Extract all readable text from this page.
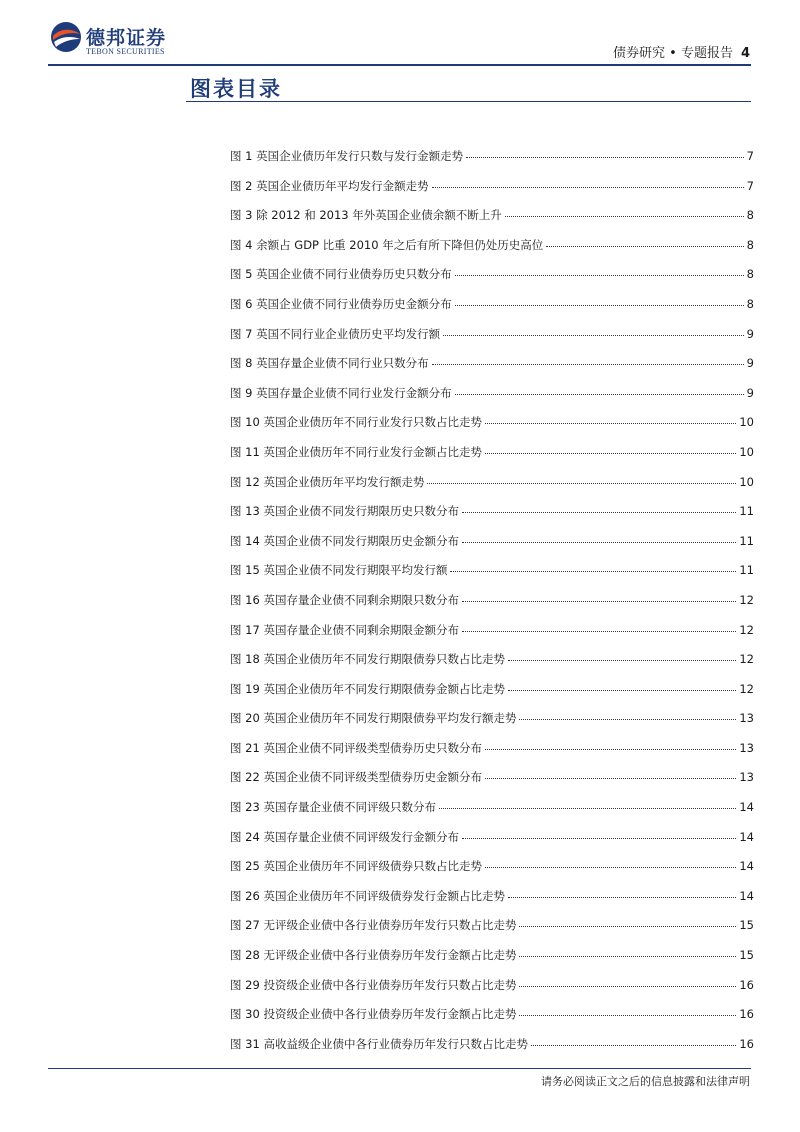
德邦证券
TEBON SECURITIES	债券研究 • 专题报告 4
图表目录
图 1 英国企业债历年发行只数与发行金额走势	7
图 2 英国企业债历年平均发行金额走势	7
图 3 除 2012 和 2013 年外英国企业债余额不断上升	8
图 4 余额占 GDP 比重 2010 年之后有所下降但仍处历史高位	8
图 5 英国企业债不同行业债券历史只数分布	8
图 6 英国企业债不同行业债券历史金额分布	8
图 7 英国不同行业企业债历史平均发行额	9
图 8 英国存量企业债不同行业只数分布	9
图 9 英国存量企业债不同行业发行金额分布	9
图 10 英国企业债历年不同行业发行只数占比走势	10
图 11 英国企业债历年不同行业发行金额占比走势	10
图 12 英国企业债历年平均发行额走势	10
图 13 英国企业债不同发行期限历史只数分布	11
图 14 英国企业债不同发行期限历史金额分布	11
图 15 英国企业债不同发行期限平均发行额	11
图 16 英国存量企业债不同剩余期限只数分布	12
图 17 英国存量企业债不同剩余期限金额分布	12
图 18 英国企业债历年不同发行期限债券只数占比走势	12
图 19 英国企业债历年不同发行期限债券金额占比走势	12
图 20 英国企业债历年不同发行期限债券平均发行额走势	13
图 21 英国企业债不同评级类型债券历史只数分布	13
图 22 英国企业债不同评级类型债券历史金额分布	13
图 23 英国存量企业债不同评级只数分布	14
图 24 英国存量企业债不同评级发行金额分布	14
图 25 英国企业债历年不同评级债券只数占比走势	14
图 26 英国企业债历年不同评级债券发行金额占比走势	14
图 27 无评级企业债中各行业债券历年发行只数占比走势	15
图 28 无评级企业债中各行业债券历年发行金额占比走势	15
图 29 投资级企业债中各行业债券历年发行只数占比走势	16
图 30 投资级企业债中各行业债券历年发行金额占比走势	16
图 31 高收益级企业债中各行业债券历年发行只数占比走势	16
请务必阅读正文之后的信息披露和法律声明
